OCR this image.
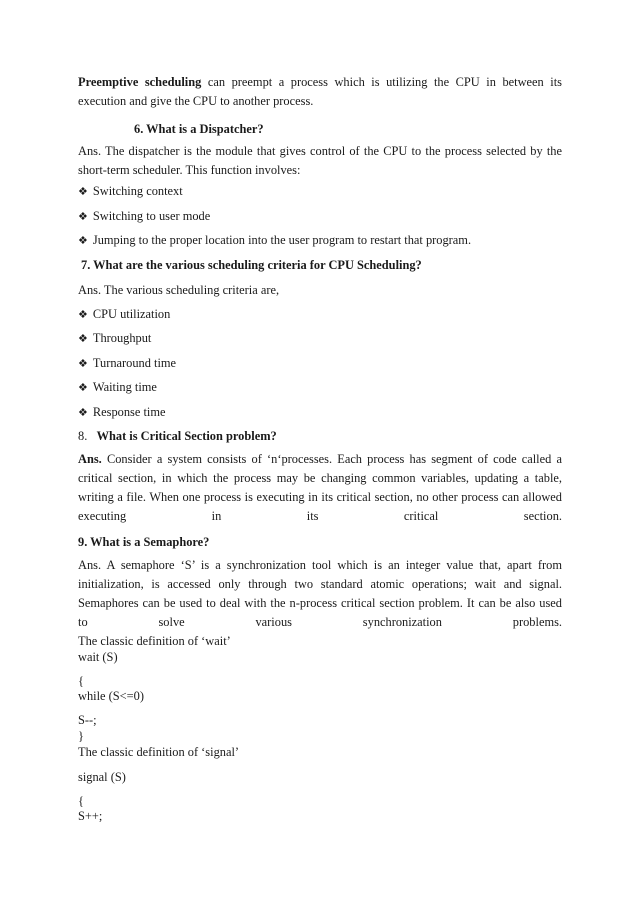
Preemptive scheduling can preempt a process which is utilizing the CPU in between its
execution and give the CPU to another process.

6. What is a Dispatcher?

Ans. The dispatcher is the module that gives control of the CPU to the process selected by the
short-term scheduler. This function involves:

❖ Switching context

❖ Switching to user mode

❖ Jumping to the proper location into the user program to restart that program.

7. What are the various scheduling criteria for CPU Scheduling?

Ans. The various scheduling criteria are,

❖ CPU utilization

❖ Throughput

❖ Turnaround time

❖ Waiting time

❖ Response time

8. What is Critical Section problem?

Ans. Consider a system consists of ‘n‘processes. Each process has segment of code called a
critical section, in which the process may be changing common variables, updating a table,
writing a file. When one process is executing in its critical section, no other process can allowed
executing in its critical section.

9. What is a Semaphore?

Ans. A semaphore ‘S’ is a synchronization tool which is an integer value that, apart from
initialization, is accessed only through two standard atomic operations; wait and signal.
Semaphores can be used to deal with the n-process critical section problem. It can be also used
to solve various synchronization problems.
The classic definition of ‘wait’

wait (S)

{

while (S<=0)

S--;

}

The classic definition of ‘signal’

signal (S)

{

S++;
